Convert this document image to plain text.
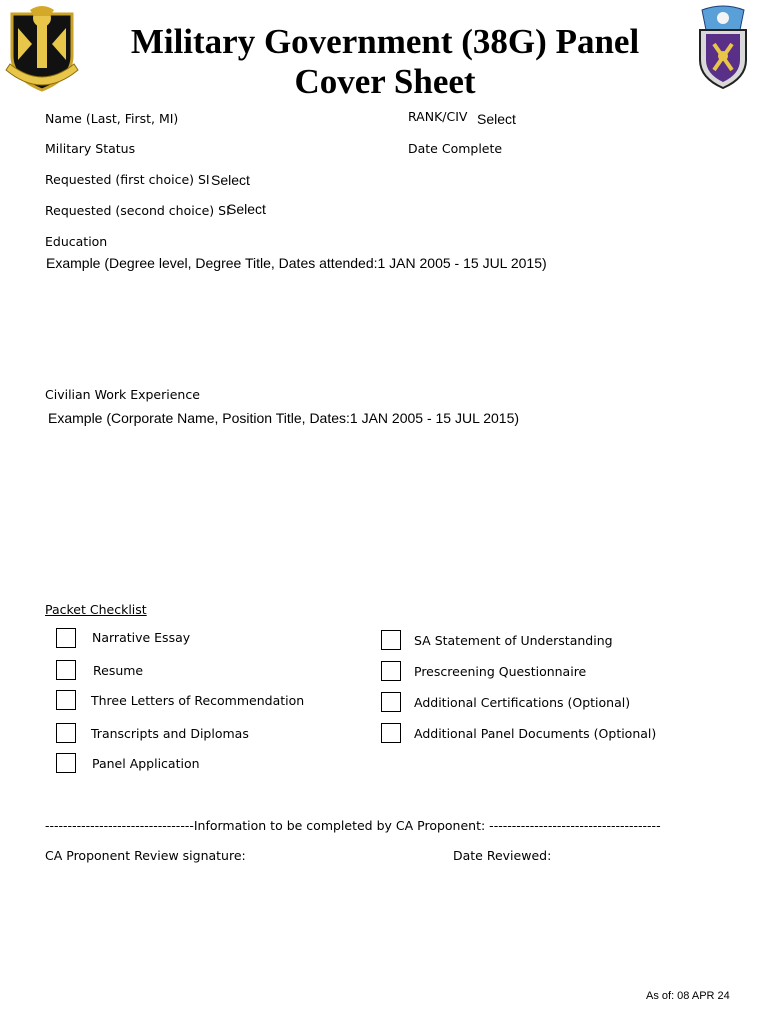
Military Government (38G) Panel
Cover Sheet
Name (Last, First, MI)	RANK/CIV Select
Military Status	Date Complete
Requested (first choice) SI Select
Requested (second choice) SI
Select
Education
Example (Degree level, Degree Title, Dates attended:1 JAN 2005 - 15 JUL 2015)
Civilian Work Experience
Example (Corporate Name, Position Title, Dates:1 JAN 2005 - 15 JUL 2015)
Packet Checklist
Narrative Essay
Resume
Three Letters of Recommendation
Transcripts and Diplomas
Panel Application
SA Statement of Understanding
Prescreening Questionnaire
Additional Certifications (Optional)
Additional Panel Documents (Optional)
---------------------------------Information to be completed by CA Proponent: --------------------------------------
CA Proponent Review signature:	Date Reviewed:
As of: 08 APR 24
